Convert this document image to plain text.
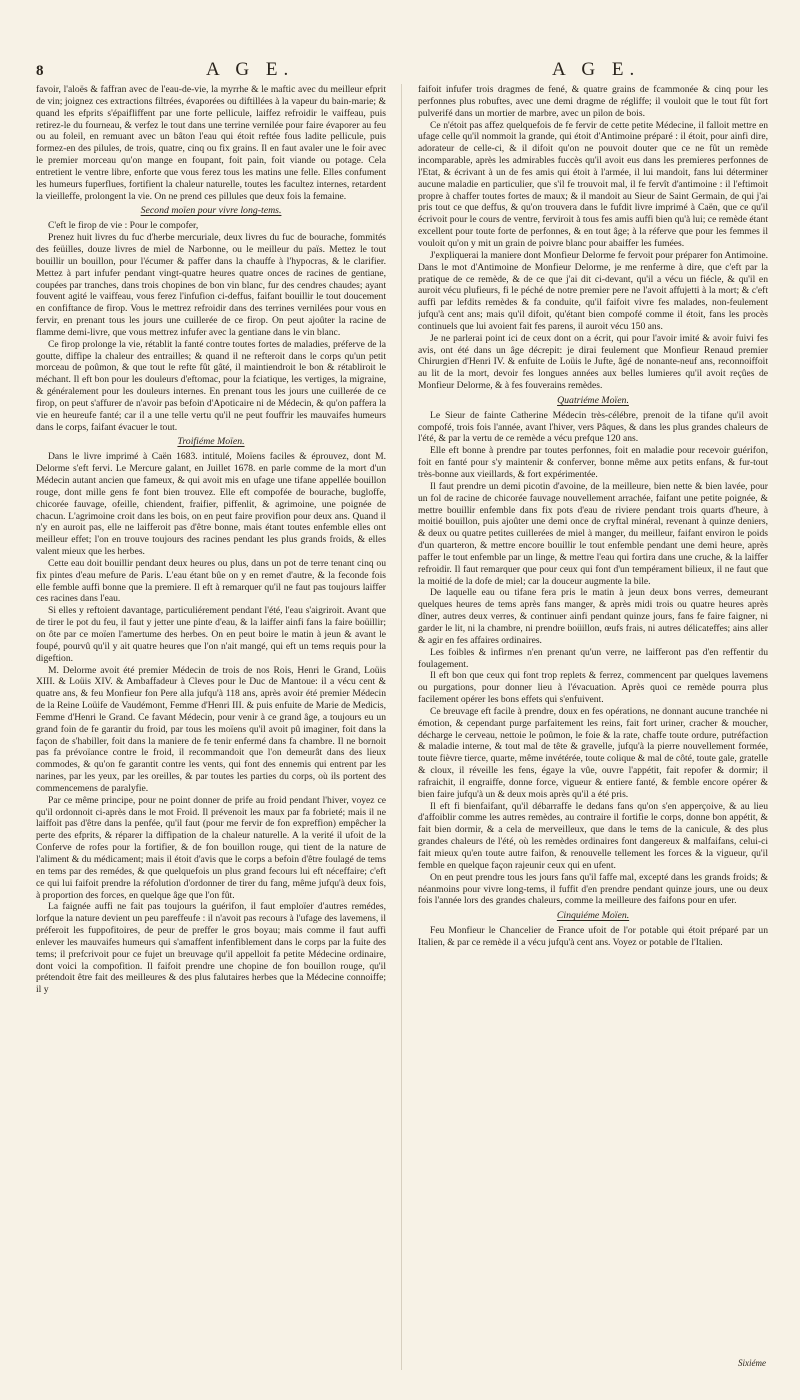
8	A G E.	A G E.

favoir, l'aloës & faffran avec de l'eau-de-vie, la myrrhe & le maftic avec du meilleur efprit de vin; joignez ces extractions filtrées, évaporées ou diftillées à la vapeur du bain-marie; & quand les efprits s'épaifliffent par une forte pellicule, laiffez refroidir le vaiffeau, puis retirez-le du fourneau, & verfez le tout dans une terrine vernilée pour faire évaporer au feu ou au foleil, en remuant avec un bâton l'eau qui étoit reftée fous ladite pellicule, puis formez-en des pilules, de trois, quatre, cinq ou fix grains. Il en faut avaler une le foir avec le premier morceau qu'on mange en foupant, foit pain, foit viande ou potage. Cela entretient le ventre libre, enforte que vous ferez tous les matins une felle. Elles confument les humeurs fuperflues, fortifient la chaleur naturelle, toutes les facultez internes, retardent la vieilleffe, prolongent la vie. On ne prend ces pillules que deux fois la femaine.

Second moïen pour vivre long-tems.

C'eft le firop de vie : Pour le compofer,

Prenez huit livres du fuc d'herbe mercuriale, deux livres du fuc de bourache, fommités des feüilles, douze livres de miel de Narbonne, ou le meilleur du païs. Mettez le tout bouillir un bouillon, pour l'écumer & paffer dans la chauffe à l'hypocras, & le clarifier. Mettez à part infufer pendant vingt-quatre heures quatre onces de racines de gentiane, coupées par tranches, dans trois chopines de bon vin blanc, fur des cendres chaudes; ayant fouvent agité le vaiffeau, vous ferez l'infufion ci-deffus, faifant bouillir le tout doucement en confiftance de firop. Vous le mettrez refroidir dans des terrines vernilées pour vous en fervir, en prenant tous les jours une cuillerée de ce firop. On peut ajoûter la racine de flamme demi-livre, que vous mettrez infufer avec la gentiane dans le vin blanc.

Ce firop prolonge la vie, rétablit la fanté contre toutes fortes de maladies, préferve de la goutte, diffipe la chaleur des entrailles; & quand il ne refteroit dans le corps qu'un petit morceau de poûmon, & que tout le refte fût gâté, il maintiendroit le bon & rétabliroit le méchant. Il eft bon pour les douleurs d'eftomac, pour la fciatique, les vertiges, la migraine, & généralement pour les douleurs internes. En prenant tous les jours une cuillerée de ce firop, on peut s'affurer de n'avoir pas befoin d'Apoticaire ni de Médecin, & qu'on paffera la vie en heureufe fanté; car il a une telle vertu qu'il ne peut fouffrir les mauvaifes humeurs dans le corps, faifant évacuer le tout.

Troifiéme Moïen.

Dans le livre imprimé à Caën 1683. intitulé, Moïens faciles & éprouvez, dont M. Delorme s'eft fervi. Le Mercure galant, en Juillet 1678. en parle comme de la mort d'un Médecin autant ancien que fameux, & qui avoit mis en ufage une tifane appellée bouillon rouge, dont mille gens fe font bien trouvez. Elle eft compofée de bourache, bugloffe, chicorée fauvage, ofeille, chiendent, fraifier, piffenlit, & agrimoine, une poignée de chacun. L'agrimoine croit dans les bois, on en peut faire provifion pour deux ans. Quand il n'y en auroit pas, elle ne laifferoit pas d'être bonne, mais étant toutes enfemble elles ont meilleur effet; l'on en trouve toujours des racines pendant les plus grands froids, & elles valent mieux que les herbes.

Cette eau doit bouillir pendant deux heures ou plus, dans un pot de terre tenant cinq ou fix pintes d'eau mefure de Paris. L'eau étant bûe on y en remet d'autre, & la feconde fois elle femble auffi bonne que la premiere. Il eft à remarquer qu'il ne faut pas toujours laiffer ces racines dans l'eau.

Si elles y reftoient davantage, particuliérement pendant l'été, l'eau s'aigriroit. Avant que de tirer le pot du feu, il faut y jetter une pinte d'eau, & la laiffer ainfi fans la faire boüillir; on ôte par ce moïen l'amertume des herbes. On en peut boire le matin à jeun & avant le foupé, pourvû qu'il y ait quatre heures que l'on n'ait mangé, qui eft un tems requis pour la digeftion.

M. Delorme avoit été premier Médecin de trois de nos Rois, Henri le Grand, Loüis XIII. & Loüis XIV. & Ambaffadeur à Cleves pour le Duc de Mantoue: il a vécu cent & quatre ans, & feu Monfieur fon Pere alla jufqu'à 118 ans, après avoir été premier Médecin de la Reine Loüife de Vaudémont, Femme d'Henri III. & puis enfuite de Marie de Medicis, Femme d'Henri le Grand. Ce favant Médecin, pour venir à ce grand âge, a toujours eu un grand foin de fe garantir du froid, par tous les moïens qu'il avoit pû imaginer, foit dans la façon de s'habiller, foit dans la maniere de fe tenir enfermé dans fa chambre. Il ne bornoit pas fa prévoïance contre le froid, il recommandoit que l'on demeurât dans des lieux commodes, & qu'on fe garantit contre les vents, qui font des ennemis qui entrent par les narines, par les yeux, par les oreilles, & par toutes les parties du corps, où ils portent des commencemens de paralyfie.

Par ce même principe, pour ne point donner de prife au froid pendant l'hiver, voyez ce qu'il ordonnoit ci-après dans le mot Froid. Il prévenoit les maux par fa fobrieté; mais il ne laiffoit pas d'être dans la penfée, qu'il faut (pour me fervir de fon expreffion) empêcher la perte des efprits, & réparer la diffipation de la chaleur naturelle. A la verité il ufoit de la Conferve de rofes pour la fortifier, & de fon bouillon rouge, qui tient de la nature de l'aliment & du médicament; mais il étoit d'avis que le corps a befoin d'être foulagé de tems en tems par des remédes, & que quelquefois un plus grand fecours lui eft néceffaire; c'eft ce qui lui faifoit prendre la réfolution d'ordonner de tirer du fang, même jufqu'à deux fois, à proportion des forces, en quelque âge que l'on fût.

La faignée auffi ne fait pas toujours la guérifon, il faut emploïer d'autres remédes, lorfque la nature devient un peu pareffeufe : il n'avoit pas recours à l'ufage des lavemens, il préferoit les fuppofitoires, de peur de preffer le gros boyau; mais comme il faut auffi enlever les mauvaifes humeurs qui s'amaffent infenfiblement dans le corps par la fuite des tems; il prefcrivoit pour ce fujet un breuvage qu'il appelloit fa petite Médecine ordinaire, dont voici la compofition. Il faifoit prendre une chopine de fon bouillon rouge, qu'il prétendoit être fait des meilleures & des plus falutaires herbes que la Médecine connoiffe; il y

faifoit infufer trois dragmes de fené, & quatre grains de fcammonée & cinq pour les perfonnes plus robuftes, avec une demi dragme de régliffe; il vouloit que le tout fût fort pulverifé dans un mortier de marbre, avec un pilon de bois.

Ce n'étoit pas affez quelquefois de fe fervir de cette petite Médecine, il falloit mettre en ufage celle qu'il nommoit la grande, qui étoit d'Antimoine préparé : il étoit, pour ainfi dire, adorateur de celle-ci, & il difoit qu'on ne pouvoit douter que ce ne fût un remède incomparable, après les admirables fuccès qu'il avoit eus dans les premieres perfonnes de l'Etat, & écrivant à un de fes amis qui étoit à l'armée, il lui mandoit, fans lui déterminer aucune maladie en particulier, que s'il fe trouvoit mal, il fe fervît d'antimoine : il l'eftimoit propre à chaffer toutes fortes de maux; & il mandoit au Sieur de Saint Germain, de qui j'ai pris tout ce que deffus, & qu'on trouvera dans le fufdit livre imprimé à Caën, que ce qu'il écrivoit pour le cours de ventre, ferviroit à tous fes amis auffi bien qu'à lui; ce remède étant excellent pour toute forte de perfonnes, & en tout âge; à la réferve que pour les femmes il vouloit qu'on y mit un grain de poivre blanc pour abaiffer les fumées.

J'expliquerai la maniere dont Monfieur Delorme fe fervoit pour préparer fon Antimoine. Dans le mot d'Antimoine de Monfieur Delorme, je me renferme à dire, que c'eft par la pratique de ce remède, & de ce que j'ai dit ci-devant, qu'il a vécu un fiécle, & qu'il en auroit vécu plufieurs, fi le péché de notre premier pere ne l'avoit affujetti à la mort; & c'eft auffi par lefdits remèdes & fa conduite, qu'il faifoit vivre fes malades, non-feulement jufqu'à cent ans; mais qu'il difoit, qu'étant bien compofé comme il étoit, fans les procès continuels que lui avoient fait fes parens, il auroit vécu 150 ans.

Je ne parlerai point ici de ceux dont on a écrit, qui pour l'avoir imité & avoir fuivi fes avis, ont été dans un âge décrepit: je dirai feulement que Monfieur Renaud premier Chirurgien d'Henri IV. & enfuite de Loüis le Jufte, âgé de nonante-neuf ans, reconnoiffoit au lit de la mort, devoir fes longues années aux belles lumieres qu'il avoit reçûes de Monfieur Delorme, & à fes fouverains remèdes.

Quatriéme Moïen.

Le Sieur de fainte Catherine Médecin très-célébre, prenoit de la tifane qu'il avoit compofé, trois fois l'année, avant l'hiver, vers Pâques, & dans les plus grandes chaleurs de l'été, & par la vertu de ce remède a vécu prefque 120 ans.

Elle eft bonne à prendre par toutes perfonnes, foit en maladie pour recevoir guérifon, foit en fanté pour s'y maintenir & conferver, bonne même aux petits enfans, & fur-tout très-bonne aux vieillards, & fort expérimentée.

Il faut prendre un demi picotin d'avoine, de la meilleure, bien nette & bien lavée, pour un fol de racine de chicorée fauvage nouvellement arrachée, faifant une petite poignée, & mettre bouillir enfemble dans fix pots d'eau de riviere pendant trois quarts d'heure, à moitié bouillon, puis ajoûter une demi once de cryftal minéral, revenant à quinze deniers, & deux ou quatre petites cuillerées de miel à manger, du meilleur, faifant environ le poids d'un quarteron, & mettre encore bouillir le tout enfemble pendant une demi heure, après paffer le tout enfemble par un linge, & mettre l'eau qui fortira dans une cruche, & la laiffer refroidir. Il faut remarquer que pour ceux qui font d'un tempérament bilieux, il ne faut que la moitié de la dofe de miel; car la douceur augmente la bile.

De laquelle eau ou tifane fera pris le matin à jeun deux bons verres, demeurant quelques heures de tems après fans manger, & après midi trois ou quatre heures après dîner, autres deux verres, & continuer ainfi pendant quinze jours, fans fe faire faigner, ni garder le lit, ni la chambre, ni prendre boüillon, œufs frais, ni autres délicateffes; ains aller & agir en fes affaires ordinaires.

Les foibles & infirmes n'en prenant qu'un verre, ne laifferont pas d'en reffentir du foulagement.

Il eft bon que ceux qui font trop replets & ferrez, commencent par quelques lavemens ou purgations, pour donner lieu à l'évacuation. Après quoi ce remède pourra plus facilement opérer les bons effets qui s'enfuivent.

Ce breuvage eft facile à prendre, doux en fes opérations, ne donnant aucune tranchée ni émotion, & cependant purge parfaitement les reins, fait fort uriner, cracher & moucher, décharge le cerveau, nettoie le poûmon, le foie & la rate, chaffe toute ordure, putréfaction & maladie interne, & tout mal de tête & gravelle, jufqu'à la pierre nouvellement formée, toute fièvre tierce, quarte, même invétérée, toute colique & mal de côté, toute gale, gratelle & cloux, il réveille les fens, égaye la vûe, ouvre l'appétit, fait repofer & dormir; il rafraichit, il engraiffe, donne force, vigueur & entiere fanté, & femble encore opérer & bien faire jufqu'à un & deux mois après qu'il a été pris.

Il eft fi bienfaifant, qu'il débarraffe le dedans fans qu'on s'en apperçoive, & au lieu d'affoiblir comme les autres remèdes, au contraire il fortifie le corps, donne bon appétit, & fait bien dormir, & a cela de merveilleux, que dans le tems de la canicule, & des plus grandes chaleurs de l'été, où les remèdes ordinaires font dangereux & malfaifans, celui-ci fait mieux qu'en toute autre faifon, & renouvelle tellement les forces & la vigueur, qu'il femble en quelque façon rajeunir ceux qui en ufent.

On en peut prendre tous les jours fans qu'il faffe mal, excepté dans les grands froids; & néanmoins pour vivre long-tems, il fuffit d'en prendre pendant quinze jours, une ou deux fois l'année lors des grandes chaleurs, comme la meilleure des faifons pour en ufer.

Cinquiéme Moïen.

Feu Monfieur le Chancelier de France ufoit de l'or potable qui étoit préparé par un Italien, & par ce remède il a vécu jufqu'à cent ans. Voyez or potable de l'Italien.

Sixiéme
